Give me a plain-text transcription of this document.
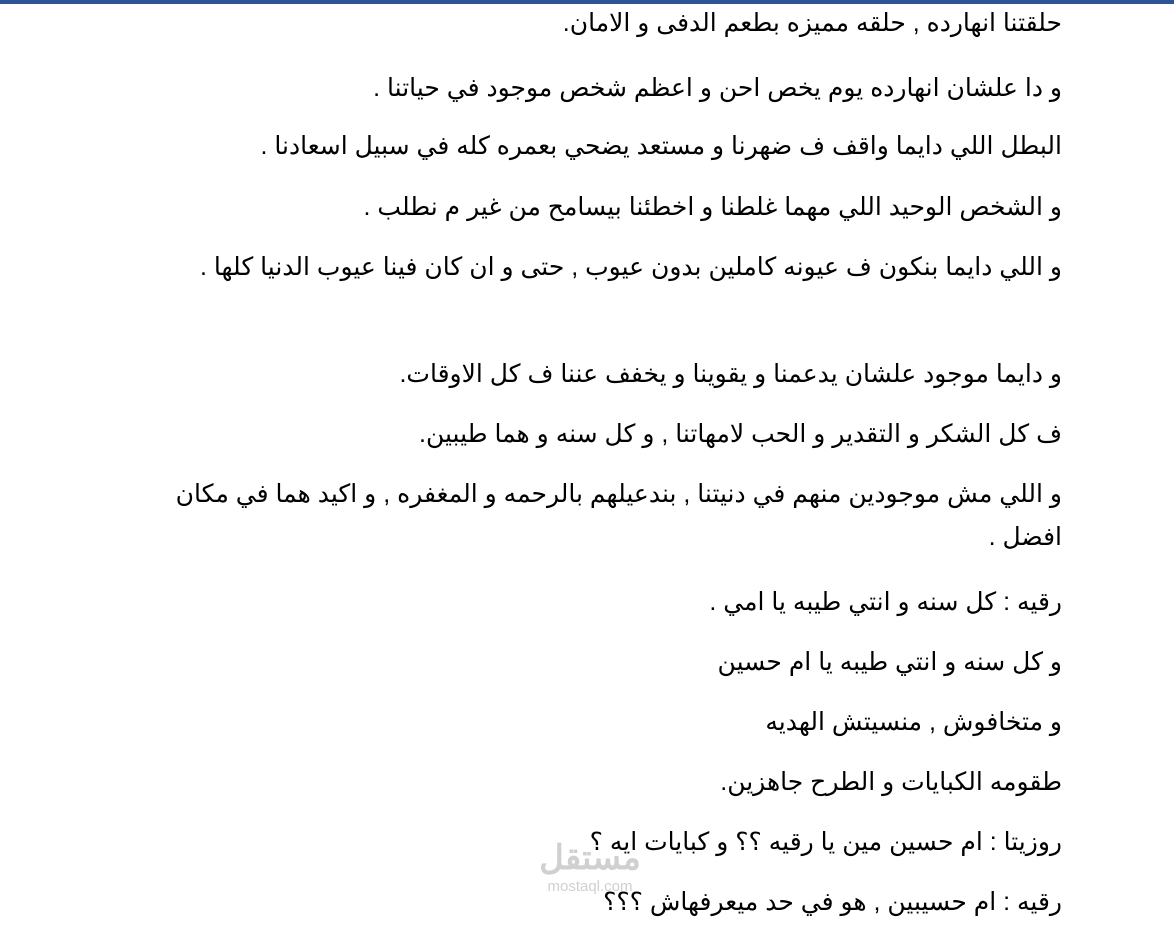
حلقتنا انهارده , حلقه مميزه بطعم الدفى و الامان.

و دا علشان انهارده يوم يخص احن و اعظم شخص موجود في حياتنا .

البطل اللي دايما واقف ف ضهرنا و مستعد يضحي بعمره كله في سبيل اسعادنا .

و الشخص الوحيد اللي مهما غلطنا و اخطئنا بيسامح من غير م نطلب .

و اللي دايما بنكون ف عيونه كاملين بدون عيوب , حتى و ان كان فينا عيوب الدنيا كلها .

و دايما موجود علشان يدعمنا و يقوينا و يخفف عننا ف كل الاوقات.

ف كل الشكر و التقدير و الحب لامهاتنا , و كل سنه و هما طيبين.

و اللي مش موجودين منهم في دنيتنا , بندعيلهم بالرحمه و المغفره , و اكيد هما في مكان افضل .

رقيه : كل سنه و انتي طيبه يا امي .

و كل سنه و انتي طيبه يا ام حسين

و متخافوش , منسيتش الهديه

طقومه الكبايات و الطرح جاهزين.

روزيتا : ام حسين مين يا رقيه ؟؟ و كبايات ايه ؟

رقيه : ام حسيبين , هو في حد ميعرفهاش ؟؟؟

مستقل
mostaql.com
